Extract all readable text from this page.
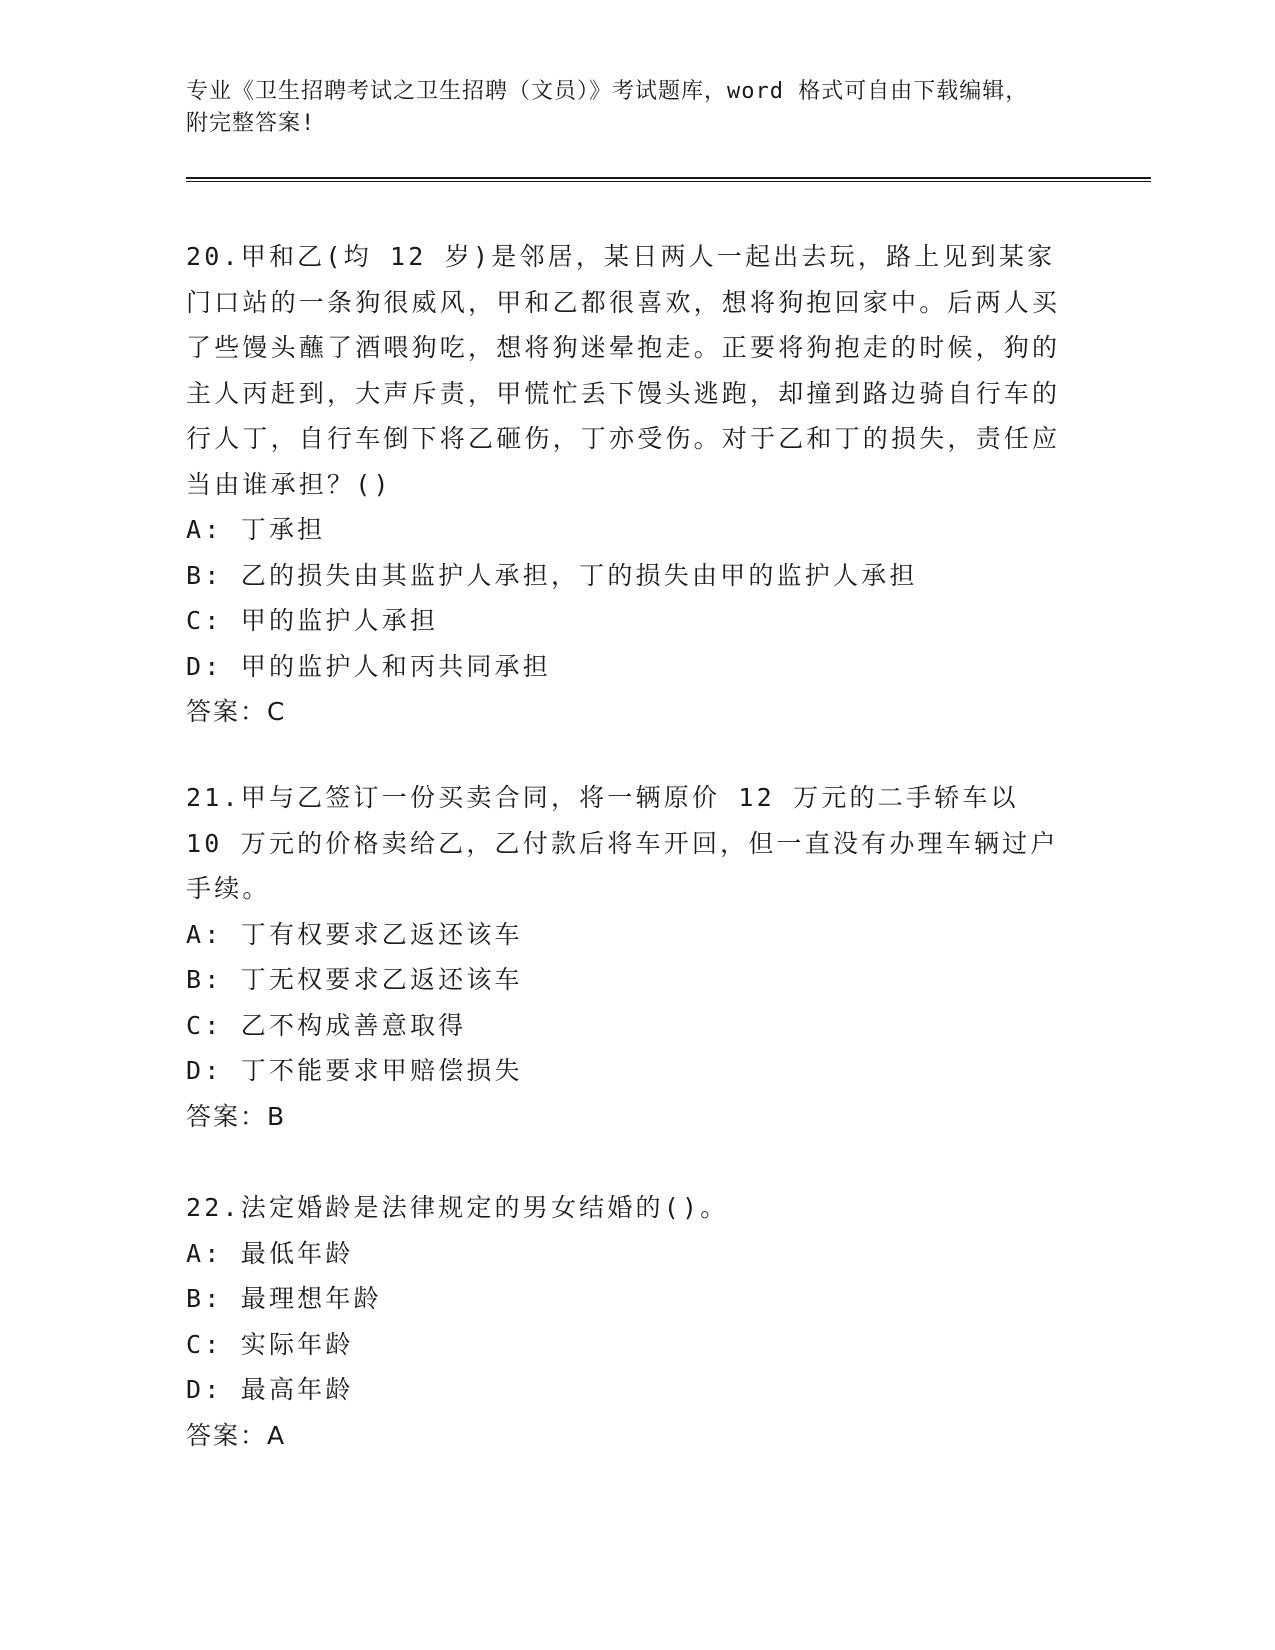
专业《卫生招聘考试之卫生招聘（文员）》考试题库，word 格式可自由下载编辑，附完整答案!

20.甲和乙(均 12 岁)是邻居，某日两人一起出去玩，路上见到某家门口站的一条狗很威风，甲和乙都很喜欢，想将狗抱回家中。后两人买了些馒头蘸了酒喂狗吃，想将狗迷晕抱走。正要将狗抱走的时候，狗的主人丙赶到，大声斥责，甲慌忙丢下馒头逃跑，却撞到路边骑自行车的行人丁，自行车倒下将乙砸伤，丁亦受伤。对于乙和丁的损失，责任应当由谁承担？()

A: 丁承担

B: 乙的损失由其监护人承担，丁的损失由甲的监护人承担

C: 甲的监护人承担

D: 甲的监护人和丙共同承担

答案：C

21.甲与乙签订一份买卖合同，将一辆原价 12 万元的二手轿车以 10 万元的价格卖给乙，乙付款后将车开回，但一直没有办理车辆过户手续。

A: 丁有权要求乙返还该车

B: 丁无权要求乙返还该车

C: 乙不构成善意取得

D: 丁不能要求甲赔偿损失

答案：B

22.法定婚龄是法律规定的男女结婚的()。

A: 最低年龄

B: 最理想年龄

C: 实际年龄

D: 最高年龄

答案：A
